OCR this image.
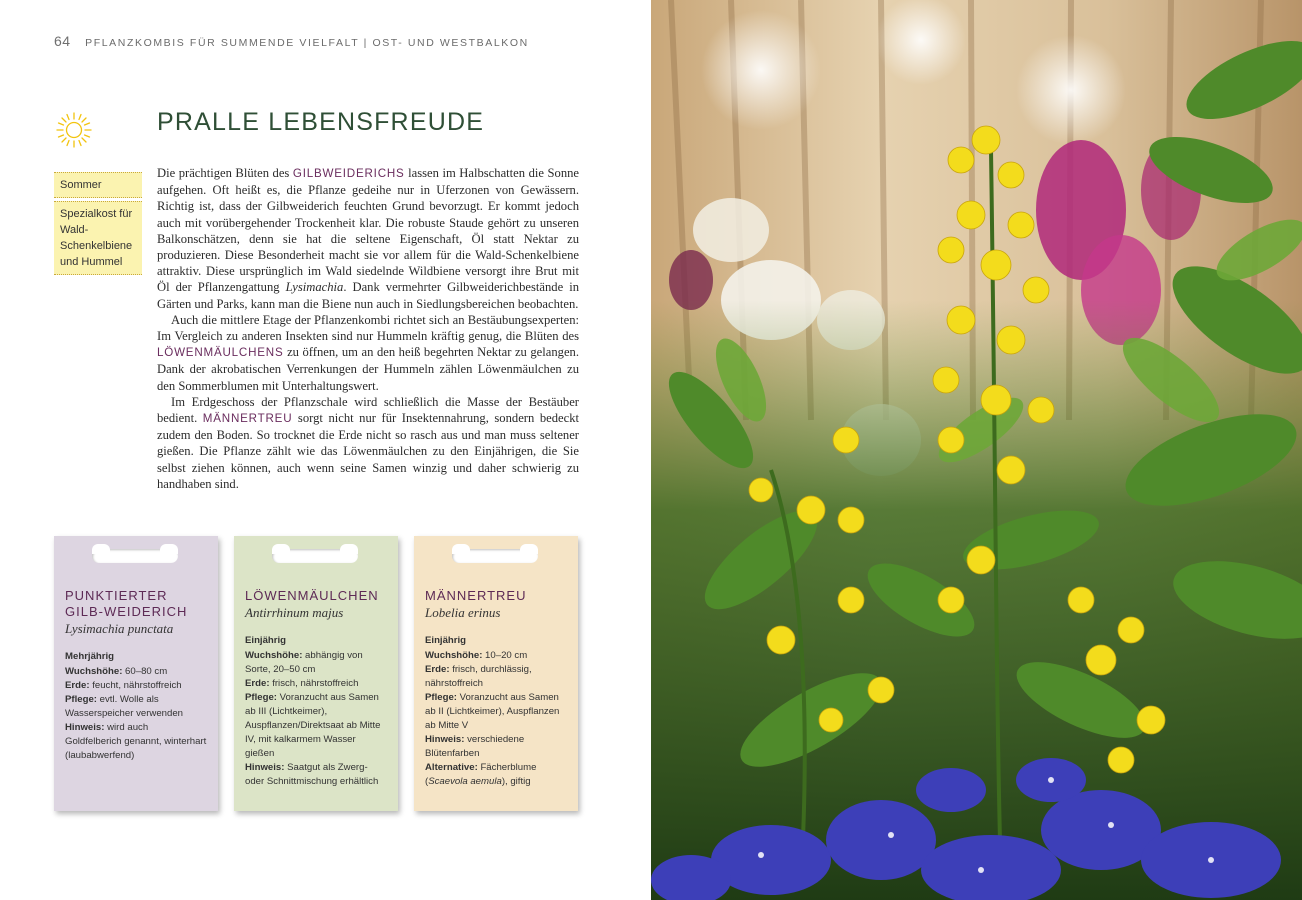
64 PFLANZKOMBIS FÜR SUMMENDE VIELFALT | OST- UND WESTBALKON
PRALLE LEBENSFREUDE
Sommer
Spezialkost für Wald-Schenkelbiene und Hummel

Die prächtigen Blüten des GILBWEIDERICHS lassen im Halbschatten die Sonne aufgehen. Oft heißt es, die Pflanze gedeihe nur in Uferzonen von Gewässern. Richtig ist, dass der Gilbweiderich feuchten Grund bevorzugt. Er kommt jedoch auch mit vorübergehender Trockenheit klar. Die robuste Staude gehört zu unseren Balkonschätzen, denn sie hat die seltene Eigenschaft, Öl statt Nektar zu produzieren. Diese Besonderheit macht sie vor allem für die Wald-Schenkelbiene attraktiv. Diese ursprünglich im Wald siedelnde Wildbiene versorgt ihre Brut mit Öl der Pflanzengattung Lysimachia. Dank vermehrter Gilbweiderichbestände in Gärten und Parks, kann man die Biene nun auch in Siedlungsbereichen beobachten.

Auch die mittlere Etage der Pflanzenkombi richtet sich an Bestäubungsexperten: Im Vergleich zu anderen Insekten sind nur Hummeln kräftig genug, die Blüten des LÖWENMÄULCHENS zu öffnen, um an den heiß begehrten Nektar zu gelangen. Dank der akrobatischen Verrenkungen der Hummeln zählen Löwenmäulchen zu den Sommerblumen mit Unterhaltungswert.

Im Erdgeschoss der Pflanzschale wird schließlich die Masse der Bestäuber bedient. MÄNNERTREU sorgt nicht nur für Insektennahrung, sondern bedeckt zudem den Boden. So trocknet die Erde nicht so rasch aus und man muss seltener gießen. Die Pflanze zählt wie das Löwenmäulchen zu den Einjährigen, die Sie selbst ziehen können, auch wenn seine Samen winzig und daher schwierig zu handhaben sind.

PUNKTIERTER GILB-WEIDERICH

Lysimachia punctata

Mehrjährig

Wuchshöhe: 60–80 cm

Erde: feucht, nährstoffreich

Pflege: evtl. Wolle als Wasserspeicher verwenden

Hinweis: wird auch Goldfelberich genannt, winterhart (laubabwerfend)

LÖWENMÄULCHEN

Antirrhinum majus

Einjährig

Wuchshöhe: abhängig von Sorte, 20–50 cm

Erde: frisch, nährstoffreich

Pflege: Voranzucht aus Samen ab III (Lichtkeimer), Auspflanzen/Direktsaat ab Mitte IV, mit kalkarmem Wasser gießen

Hinweis: Saatgut als Zwerg- oder Schnittmischung erhältlich

MÄNNERTREU

Lobelia erinus

Einjährig

Wuchshöhe: 10–20 cm

Erde: frisch, durchlässig, nährstoffreich

Pflege: Voranzucht aus Samen ab II (Lichtkeimer), Auspflanzen ab Mitte V

Hinweis: verschiedene Blütenfarben

Alternative: Fächerblume (Scaevola aemula), giftig
